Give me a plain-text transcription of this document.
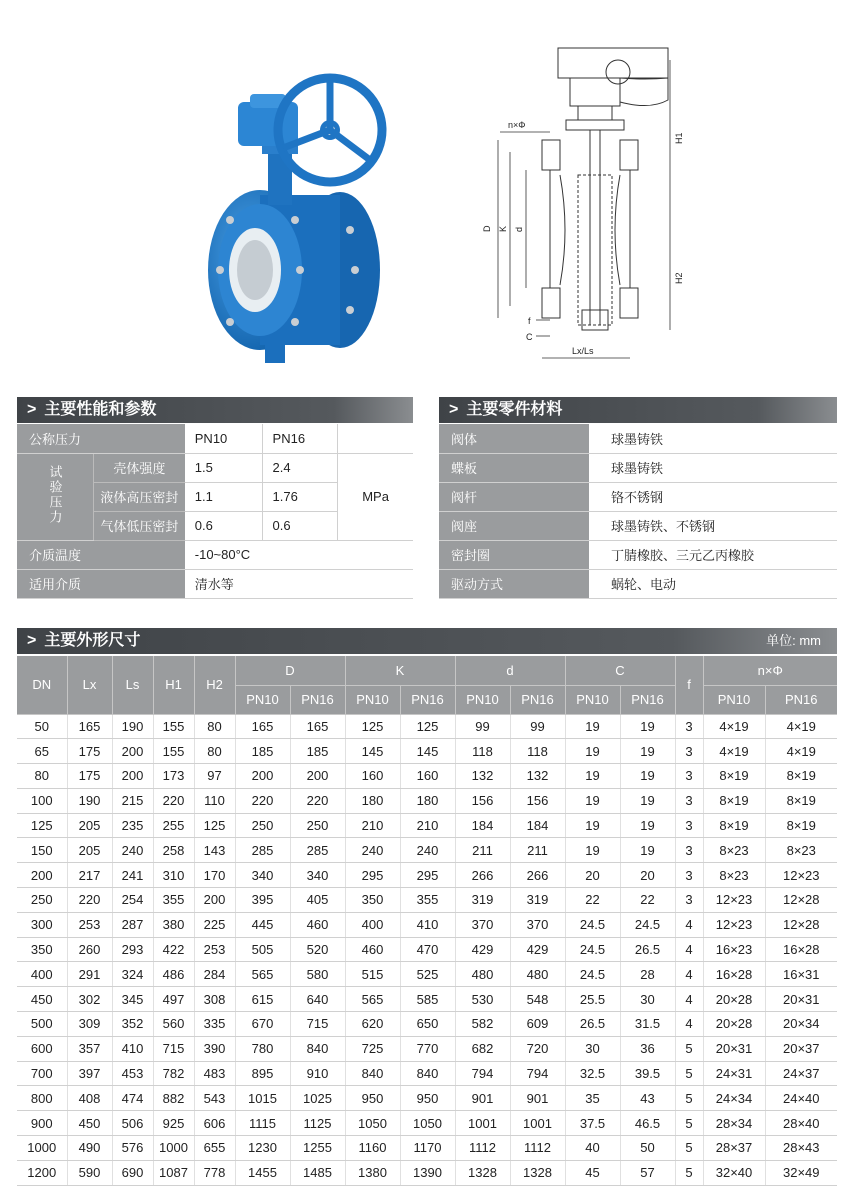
n×Φ
D K d
f
C
Lx/Ls
H1
H2
> 主要性能和参数
公称压力		PN10	PN16	
试验压力	壳体强度	1.5	2.4	MPa
	液体高压密封	1.1	1.76	
	气体低压密封	0.6	0.6	
介质温度		-10~80°C		
适用介质		清水等		
> 主要零件材料
阀体	球墨铸铁
蝶板	球墨铸铁
阀杆	铬不锈钢
阀座	球墨铸铁、不锈钢
密封圈	丁腈橡胶、三元乙丙橡胶
驱动方式	蜗轮、电动
> 主要外形尺寸	单位: mm
DN	Lx	Ls	H1	H2	D		K		d		C		f	n×Φ	
					PN10	PN16	PN10	PN16	PN10	PN16	PN10	PN16		PN10	PN16
50	165	190	155	80	165	165	125	125	99	99	19	19	3	4×19	4×19
65	175	200	155	80	185	185	145	145	118	118	19	19	3	4×19	4×19
80	175	200	173	97	200	200	160	160	132	132	19	19	3	8×19	8×19
100	190	215	220	110	220	220	180	180	156	156	19	19	3	8×19	8×19
125	205	235	255	125	250	250	210	210	184	184	19	19	3	8×19	8×19
150	205	240	258	143	285	285	240	240	211	211	19	19	3	8×23	8×23
200	217	241	310	170	340	340	295	295	266	266	20	20	3	8×23	12×23
250	220	254	355	200	395	405	350	355	319	319	22	22	3	12×23	12×28
300	253	287	380	225	445	460	400	410	370	370	24.5	24.5	4	12×23	12×28
350	260	293	422	253	505	520	460	470	429	429	24.5	26.5	4	16×23	16×28
400	291	324	486	284	565	580	515	525	480	480	24.5	28	4	16×28	16×31
450	302	345	497	308	615	640	565	585	530	548	25.5	30	4	20×28	20×31
500	309	352	560	335	670	715	620	650	582	609	26.5	31.5	4	20×28	20×34
600	357	410	715	390	780	840	725	770	682	720	30	36	5	20×31	20×37
700	397	453	782	483	895	910	840	840	794	794	32.5	39.5	5	24×31	24×37
800	408	474	882	543	1015	1025	950	950	901	901	35	43	5	24×34	24×40
900	450	506	925	606	1115	1125	1050	1050	1001	1001	37.5	46.5	5	28×34	28×40
1000	490	576	1000	655	1230	1255	1160	1170	1112	1112	40	50	5	28×37	28×43
1200	590	690	1087	778	1455	1485	1380	1390	1328	1328	45	57	5	32×40	32×49
